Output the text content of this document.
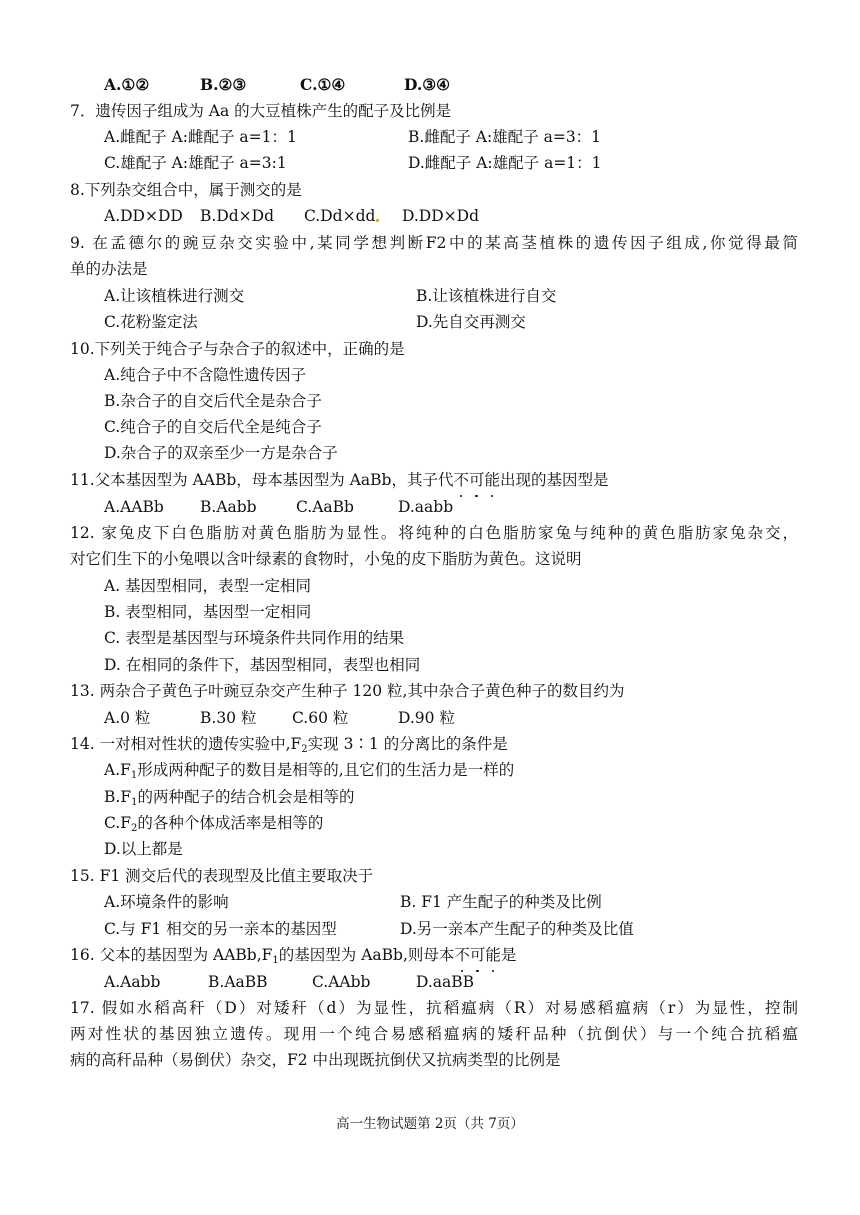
A.①②	B.②③	C.①④	D.③④
7．遗传因子组成为 Aa 的大豆植株产生的配子及比例是
A.雌配子 A:雌配子 a=1：1	B.雌配子 A:雄配子 a=3：1
C.雄配子 A:雄配子 a=3:1	D.雌配子 A:雄配子 a=1：1
8.下列杂交组合中，属于测交的是
A.DD×DD B.Dd×Dd C.Dd×dd D.DD×Dd
9. 在孟德尔的豌豆杂交实验中,某同学想判断F2中的某高茎植株的遗传因子组成,你觉得最简
单的办法是
A.让该植株进行测交	B.让该植株进行自交
C.花粉鉴定法	D.先自交再测交
10.下列关于纯合子与杂合子的叙述中，正确的是
A.纯合子中不含隐性遗传因子
B.杂合子的自交后代全是杂合子
C.纯合子的自交后代全是纯合子
D.杂合子的双亲至少一方是杂合子
11.父本基因型为 AABb，母本基因型为 AaBb，其子代不可能出现的基因型是
A.AABb B.Aabb	C.AaBb	D.aabb
12. 家兔皮下白色脂肪对黄色脂肪为显性。将纯种的白色脂肪家兔与纯种的黄色脂肪家兔杂交，
对它们生下的小兔喂以含叶绿素的食物时，小兔的皮下脂肪为黄色。这说明
A. 基因型相同，表型一定相同
B. 表型相同，基因型一定相同
C. 表型是基因型与环境条件共同作用的结果
D. 在相同的条件下，基因型相同，表型也相同
13. 两杂合子黄色子叶豌豆杂交产生种子 120 粒,其中杂合子黄色种子的数目约为
A.0 粒	B.30 粒 C.60 粒	D.90 粒
14. 一对相对性状的遗传实验中$,F_2$实现 3∶1 的分离比的条件是
$A.F_1$形成两种配子的数目是相等的,且它们的生活力是一样的
$B.F_1$的两种配子的结合机会是相等的
$C.F_2$的各种个体成活率是相等的
D.以上都是
15. F1 测交后代的表现型及比值主要取决于
A.环境条件的影响	B. F1 产生配子的种类及比例
C.与 F1 相交的另一亲本的基因型	D.另一亲本产生配子的种类及比值
16. 父本的基因型为 $AABb,F_1$的基因型为 AaBb,则母本不可能是
A.Aabb	B.AaBB	C.AAbb	D.aaBB
17. 假如水稻高秆（D）对矮秆（d）为显性，抗稻瘟病（R）对易感稻瘟病（r）为显性，控制
两对性状的基因独立遗传。现用一个纯合易感稻瘟病的矮秆品种（抗倒伏）与一个纯合抗稻瘟
病的高秆品种（易倒伏）杂交，F2 中出现既抗倒伏又抗病类型的比例是
高一生物试题第 2页（共 7页）
